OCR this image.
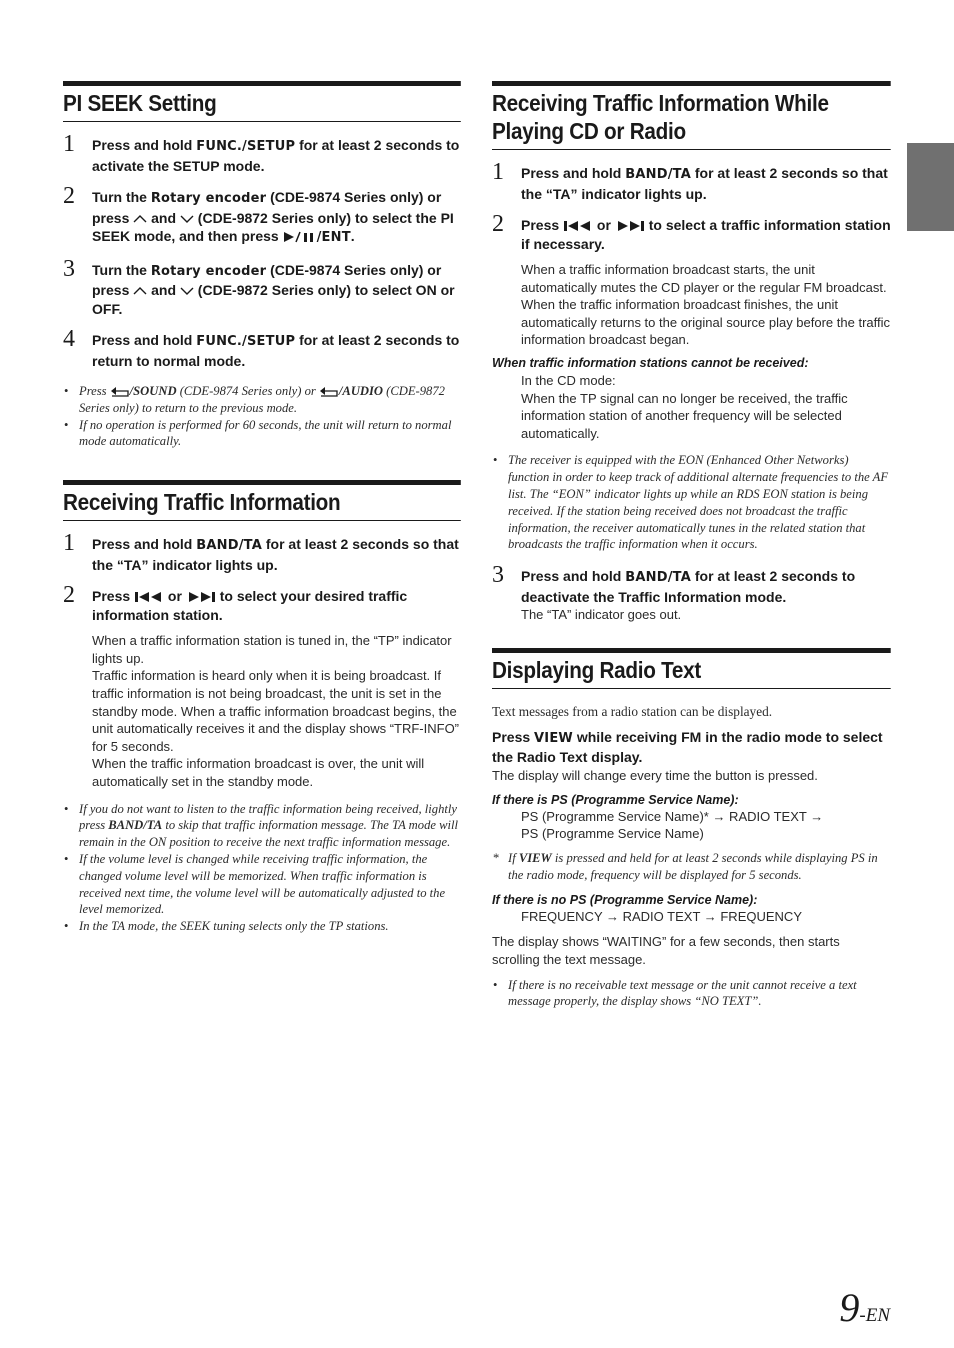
PI SEEK Setting
1 Press and hold FUNC./SETUP for at least 2 seconds to activate the SETUP mode.
2 Turn the Rotary encoder (CDE-9874 Series only) or press  and  (CDE-9872 Series only) to select the PI SEEK mode, and then press	/ENT.
3 Turn the Rotary encoder (CDE-9874 Series only) or press  and  (CDE-9872 Series only) to select ON or OFF.
4 Press and hold FUNC./SETUP for at least 2 seconds to return to normal mode.
• Press /SOUND (CDE-9874 Series only) or /AUDIO (CDE-9872 Series only) to return to the previous mode.
• If no operation is performed for 60 seconds, the unit will return to normal mode automatically.
Receiving Traffic Information
1 Press and hold BAND/TA for at least 2 seconds so that the “TA” indicator lights up.
2 Press  or  to select your desired traffic information station.

When a traffic information station is tuned in, the “TP” indicator lights up.

Traffic information is heard only when it is being broadcast. If traffic information is not being broadcast, the unit is set in the standby mode. When a traffic information broadcast begins, the unit automatically receives it and the display shows “TRF-INFO” for 5 seconds.

When the traffic information broadcast is over, the unit will automatically set in the standby mode.

• If you do not want to listen to the traffic information being received, lightly press BAND/TA to skip that traffic information message. The TA mode will remain in the ON position to receive the next traffic information message.
• If the volume level is changed while receiving traffic information, the changed volume level will be memorized. When traffic information is received next time, the volume level will be automatically adjusted to the level memorized.
• In the TA mode, the SEEK tuning selects only the TP stations.
Receiving Traffic Information While
Playing CD or Radio
1 Press and hold BAND/TA for at least 2 seconds so that the “TA” indicator lights up.
2 Press  or  to select a traffic information station if necessary.

When a traffic information broadcast starts, the unit automatically mutes the CD player or the regular FM broadcast.

When the traffic information broadcast finishes, the unit automatically returns to the original source play before the traffic information broadcast began.

When traffic information stations cannot be received:

In the CD mode:

When the TP signal can no longer be received, the traffic information station of another frequency will be selected automatically.

• The receiver is equipped with the EON (Enhanced Other Networks) function in order to keep track of additional alternate frequencies to the AF list. The “EON” indicator lights up while an RDS EON station is being received. If the station being received does not broadcast the traffic information, the receiver automatically tunes in the related station that broadcasts the traffic information when it occurs.
3 Press and hold BAND/TA for at least 2 seconds to deactivate the Traffic Information mode.
The “TA” indicator goes out.
Displaying Radio Text

Text messages from a radio station can be displayed.

Press VIEW while receiving FM in the radio mode to select the Radio Text display.

The display will change every time the button is pressed.

If there is PS (Programme Service Name):
PS (Programme Service Name)* → RADIO TEXT →
PS (Programme Service Name)
* If VIEW is pressed and held for at least 2 seconds while displaying PS in the radio mode, frequency will be displayed for 5 seconds.
If there is no PS (Programme Service Name):
FREQUENCY → RADIO TEXT → FREQUENCY

The display shows “WAITING” for a few seconds, then starts scrolling the text message.

• If there is no receivable text message or the unit cannot receive a text message properly, the display shows “NO TEXT”.
9-EN
